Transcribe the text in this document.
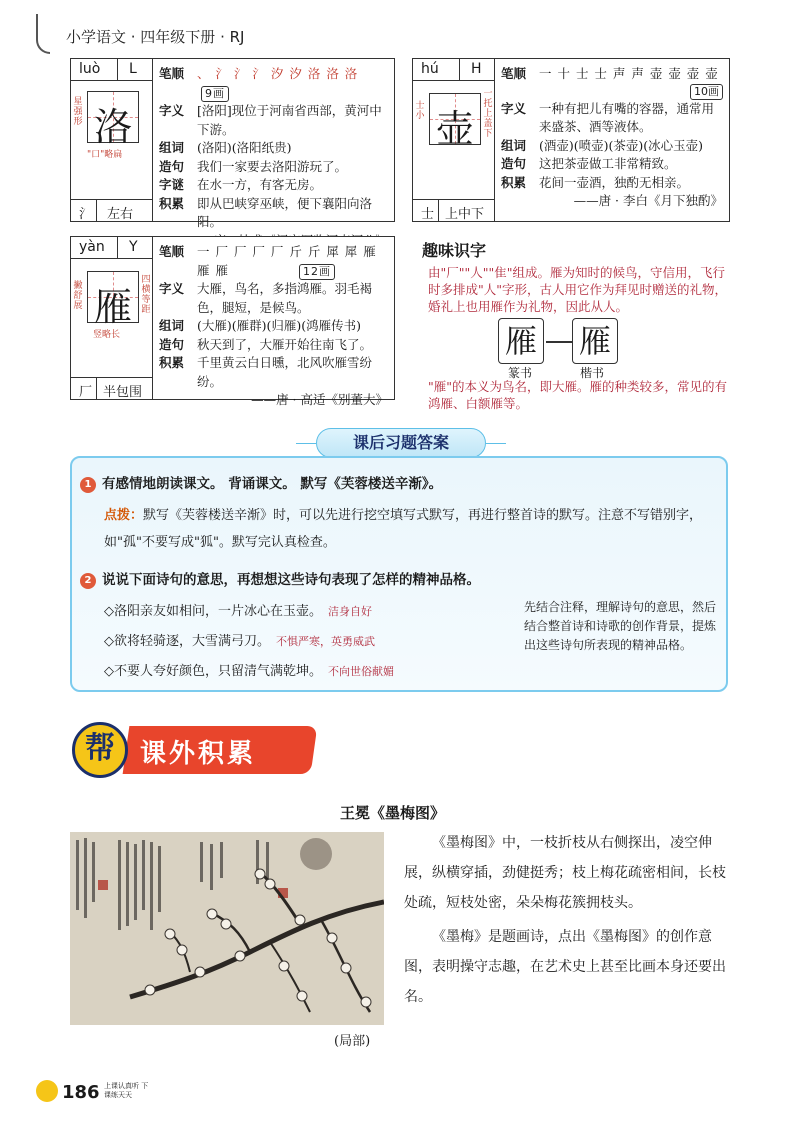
小学语文 · 四年级下册 · RJ
luò L
星强形 洛
"口"略扁
氵 左右
笔顺	、 氵 氵 氵 汐 汐 洛 洛 洛9画
字义	[洛阳]现位于河南省西部，黄河中下游。
组词	(洛阳)(洛阳纸贵)
造句	我们一家要去洛阳游玩了。
字谜	在水一方，有客无房。
积累	即从巴峡穿巫峡，便下襄阳向洛阳。
hú H
士小 壶
一托上盖下
士 上中下
笔顺	一 十 士 士 声 声 壶 壶 壶 壶
10画
字义	一种有把儿有嘴的容器，通常用来盛茶、酒等液体。
组词	(酒壶)(喷壶)(茶壶)(冰心玉壶)
造句	这把茶壶做工非常精致。
积累	花间一壶酒，独酌无相亲。
——唐 · 李白《月下独酌》
yàn Y
撇舒展 雁
四横等距
竖略长
厂 半包围
笔顺	一 厂 厂 厂 厂 斤 斤 犀 犀 雁
雁 雁	12画
字义	大雁，鸟名，多指鸿雁。羽毛褐色，腿短，是候鸟。
组词	(大雁)(雁群)(归雁)(鸿雁传书)
造句	秋天到了，大雁开始往南飞了。
积累	千里黄云白日曛，北风吹雁雪纷纷。
——唐 · 高适《别董大》
趣味识字
由"厂""人""隹"组成。雁为知时的候鸟，守信用，飞行时多排成"人"字形，古人用它作为拜见时赠送的礼物，婚礼上也用雁作为礼物，因此从人。
雁 雁
篆书	楷书
"雁"的本义为鸟名，即大雁。雁的种类较多，常见的有鸿雁、白额雁等。
课后习题答案
1 有感情地朗读课文。 背诵课文。 默写《芙蓉楼送辛渐》。
点拨：默写《芙蓉楼送辛渐》时，可以先进行挖空填写式默写，再进行整首诗的默写。注意不写错别字，如"孤"不要写成"狐"。默写完认真检查。
2 说说下面诗句的意思，再想想这些诗句表现了怎样的精神品格。
◇洛阳亲友如相问，一片冰心在玉壶。 洁身自好
◇欲将轻骑逐，大雪满弓刀。 不惧严寒，英勇威武
◇不要人夸好颜色，只留清气满乾坤。 不向世俗献媚
先结合注释，理解诗句的意思，然后结合整首诗和诗歌的创作背景，提炼出这些诗句所表现的精神品格。
帮 课外积累
王冕《墨梅图》
(局部)

《墨梅图》中，一枝折枝从右侧探出，凌空伸展，纵横穿插，劲健挺秀；枝上梅花疏密相间，长枝处疏，短枝处密，朵朵梅花簇拥枝头。

《墨梅》是题画诗，点出《墨梅图》的创作意图，表明操守志趣，在艺术史上甚至比画本身还要出名。

186 上课认真听 下课练天天
